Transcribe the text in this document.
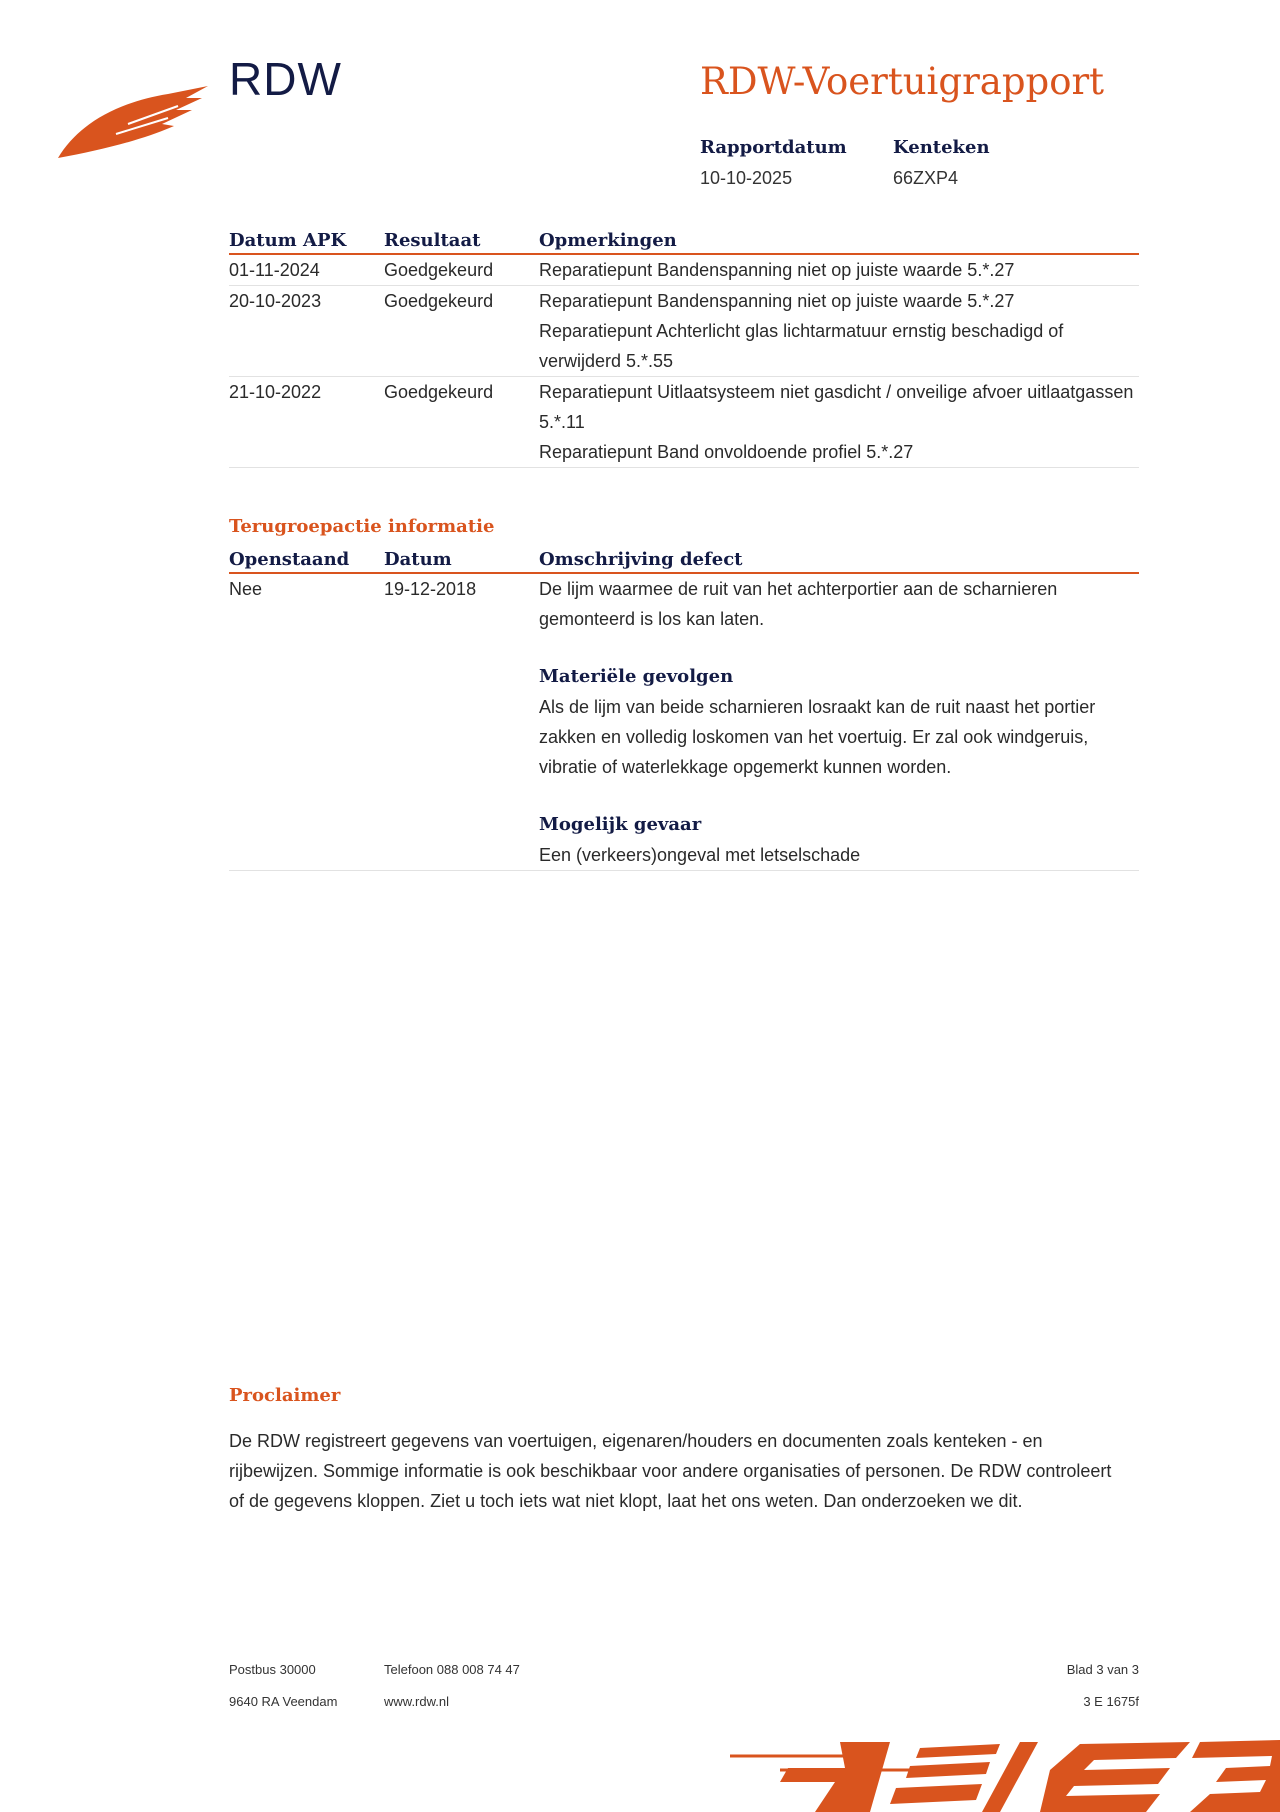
RDW	RDW-Voertuigrapport
Rapportdatum
10-10-2025
Kenteken
66ZXP4
Datum APK	Resultaat	Opmerkingen
01-11-2024	Goedgekeurd	Reparatiepunt Bandenspanning niet op juiste waarde 5.*.27
20-10-2023	Goedgekeurd	Reparatiepunt Bandenspanning niet op juiste waarde 5.*.27
Reparatiepunt Achterlicht glas lichtarmatuur ernstig beschadigd of verwijderd 5.*.55
21-10-2022	Goedgekeurd	Reparatiepunt Uitlaatsysteem niet gasdicht / onveilige afvoer uitlaatgassen 5.*.11
Reparatiepunt Band onvoldoende profiel 5.*.27
Terugroepactie informatie
Openstaand	Datum	Omschrijving defect
Nee	19-12-2018	De lijm waarmee de ruit van het achterportier aan de scharnieren gemonteerd is los kan laten.
Materiële gevolgen
Als de lijm van beide scharnieren losraakt kan de ruit naast het portier zakken en volledig loskomen van het voertuig. Er zal ook windgeruis, vibratie of waterlekkage opgemerkt kunnen worden.
Mogelijk gevaar
Een (verkeers)ongeval met letselschade
Proclaimer
De RDW registreert gegevens van voertuigen, eigenaren/houders en documenten zoals kenteken - en rijbewijzen. Sommige informatie is ook beschikbaar voor andere organisaties of personen. De RDW controleert of de gegevens kloppen. Ziet u toch iets wat niet klopt, laat het ons weten. Dan onderzoeken we dit.
Postbus 30000
9640 RA Veendam
Telefoon 088 008 74 47
www.rdw.nl
Blad 3 van 3
3 E 1675f
